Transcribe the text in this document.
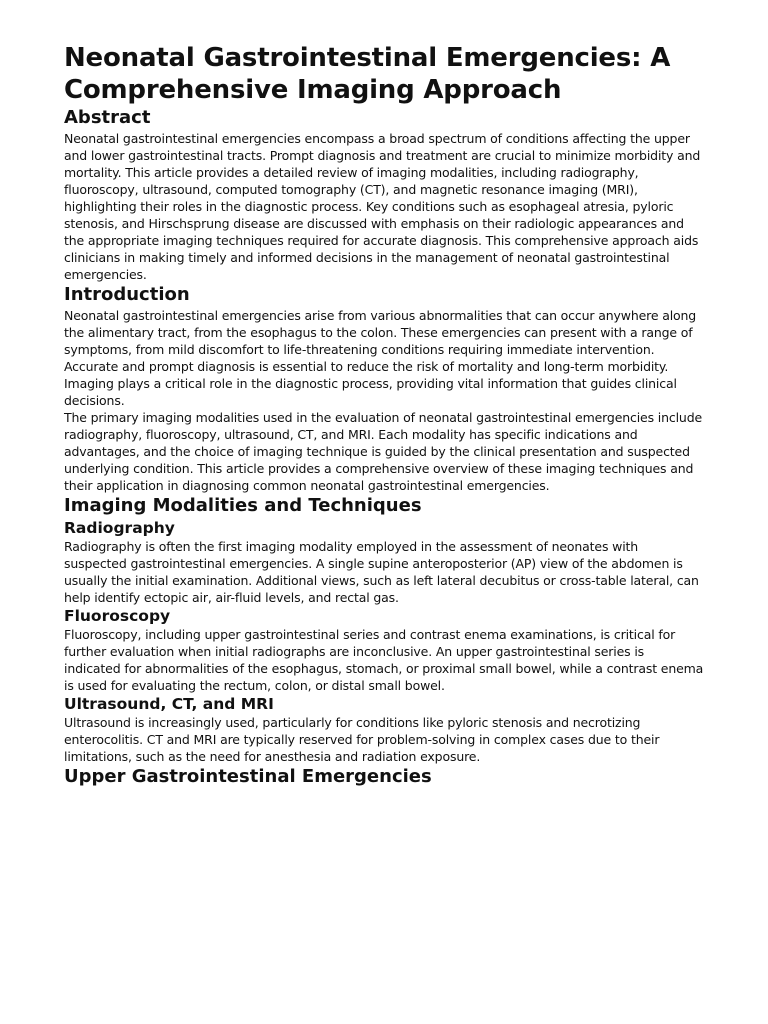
Neonatal Gastrointestinal Emergencies: A Comprehensive Imaging Approach
Abstract

Neonatal gastrointestinal emergencies encompass a broad spectrum of conditions affecting the upper and lower gastrointestinal tracts. Prompt diagnosis and treatment are crucial to minimize morbidity and mortality. This article provides a detailed review of imaging modalities, including radiography, fluoroscopy, ultrasound, computed tomography (CT), and magnetic resonance imaging (MRI), highlighting their roles in the diagnostic process. Key conditions such as esophageal atresia, pyloric stenosis, and Hirschsprung disease are discussed with emphasis on their radiologic appearances and the appropriate imaging techniques required for accurate diagnosis. This comprehensive approach aids clinicians in making timely and informed decisions in the management of neonatal gastrointestinal emergencies.

Introduction

Neonatal gastrointestinal emergencies arise from various abnormalities that can occur anywhere along the alimentary tract, from the esophagus to the colon. These emergencies can present with a range of symptoms, from mild discomfort to life-threatening conditions requiring immediate intervention. Accurate and prompt diagnosis is essential to reduce the risk of mortality and long-term morbidity. Imaging plays a critical role in the diagnostic process, providing vital information that guides clinical decisions.

The primary imaging modalities used in the evaluation of neonatal gastrointestinal emergencies include radiography, fluoroscopy, ultrasound, CT, and MRI. Each modality has specific indications and advantages, and the choice of imaging technique is guided by the clinical presentation and suspected underlying condition. This article provides a comprehensive overview of these imaging techniques and their application in diagnosing common neonatal gastrointestinal emergencies.

Imaging Modalities and Techniques
Radiography

Radiography is often the first imaging modality employed in the assessment of neonates with suspected gastrointestinal emergencies. A single supine anteroposterior (AP) view of the abdomen is usually the initial examination. Additional views, such as left lateral decubitus or cross-table lateral, can help identify ectopic air, air-fluid levels, and rectal gas.

Fluoroscopy

Fluoroscopy, including upper gastrointestinal series and contrast enema examinations, is critical for further evaluation when initial radiographs are inconclusive. An upper gastrointestinal series is indicated for abnormalities of the esophagus, stomach, or proximal small bowel, while a contrast enema is used for evaluating the rectum, colon, or distal small bowel.

Ultrasound, CT, and MRI

Ultrasound is increasingly used, particularly for conditions like pyloric stenosis and necrotizing enterocolitis. CT and MRI are typically reserved for problem-solving in complex cases due to their limitations, such as the need for anesthesia and radiation exposure.

Upper Gastrointestinal Emergencies
